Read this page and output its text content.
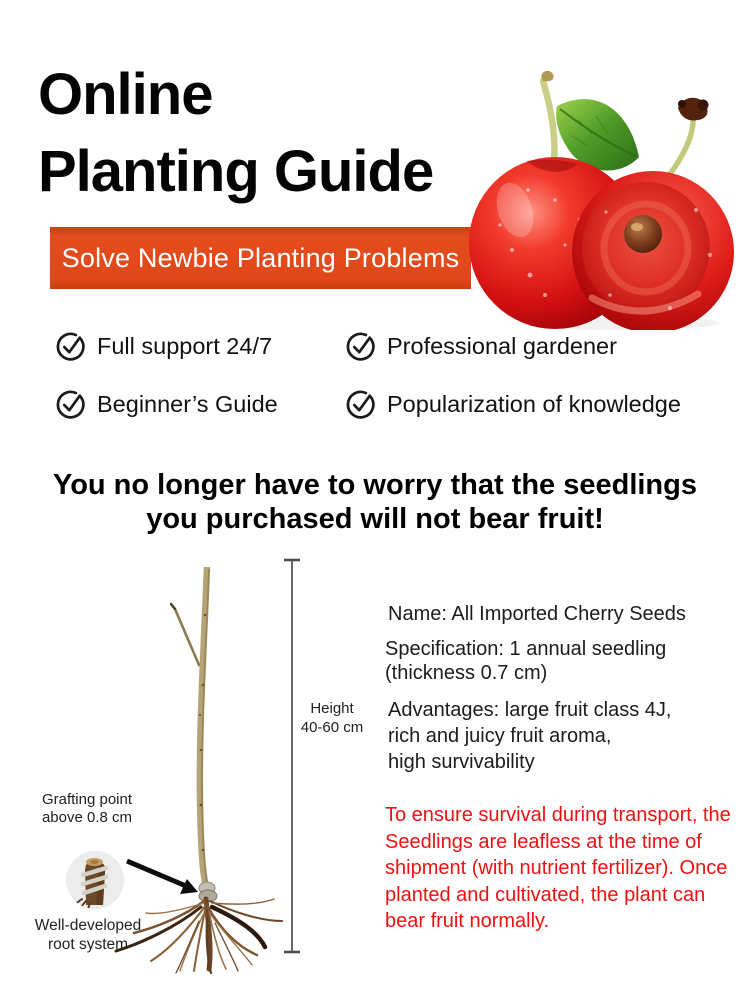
Online
Planting Guide
Solve Newbie Planting Problems
Full support 24/7	Professional gardener
Beginner’s Guide	Popularization of knowledge
You no longer have to worry that the seedlings
you purchased will not bear fruit!
Height
40-60 cm
Grafting point
above 0.8 cm
Well-developed
root system
Name: All Imported Cherry Seeds
Specification: 1 annual seedling
(thickness 0.7 cm)
Advantages: large fruit class 4J,
rich and juicy fruit aroma,
high survivability
To ensure survival during transport, the
Seedlings are leafless at the time of
shipment (with nutrient fertilizer). Once
planted and cultivated, the plant can
bear fruit normally.
